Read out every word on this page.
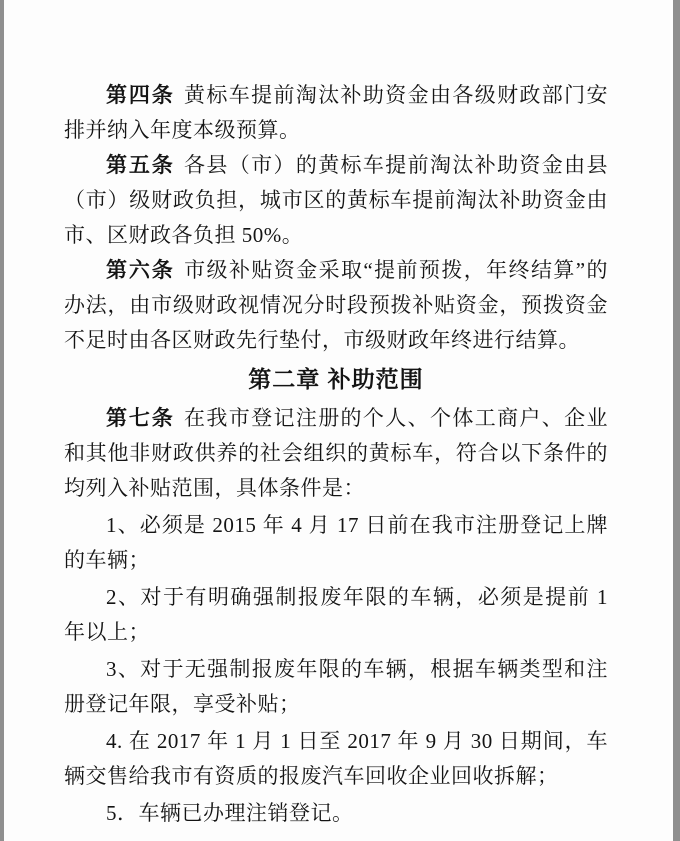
第四条 黄标车提前淘汰补助资金由各级财政部门安排并纳入年度本级预算。

第五条 各县（市）的黄标车提前淘汰补助资金由县（市）级财政负担，城市区的黄标车提前淘汰补助资金由市、区财政各负担 50%。

第六条 市级补贴资金采取“提前预拨，年终结算”的办法，由市级财政视情况分时段预拨补贴资金，预拨资金不足时由各区财政先行垫付，市级财政年终进行结算。

第二章 补助范围

第七条 在我市登记注册的个人、个体工商户、企业和其他非财政供养的社会组织的黄标车，符合以下条件的均列入补贴范围，具体条件是：

1、必须是 2015 年 4 月 17 日前在我市注册登记上牌的车辆；

2、对于有明确强制报废年限的车辆，必须是提前 1 年以上；

3、对于无强制报废年限的车辆，根据车辆类型和注册登记年限，享受补贴；

4. 在 2017 年 1 月 1 日至 2017 年 9 月 30 日期间，车辆交售给我市有资质的报废汽车回收企业回收拆解；

5．车辆已办理注销登记。
